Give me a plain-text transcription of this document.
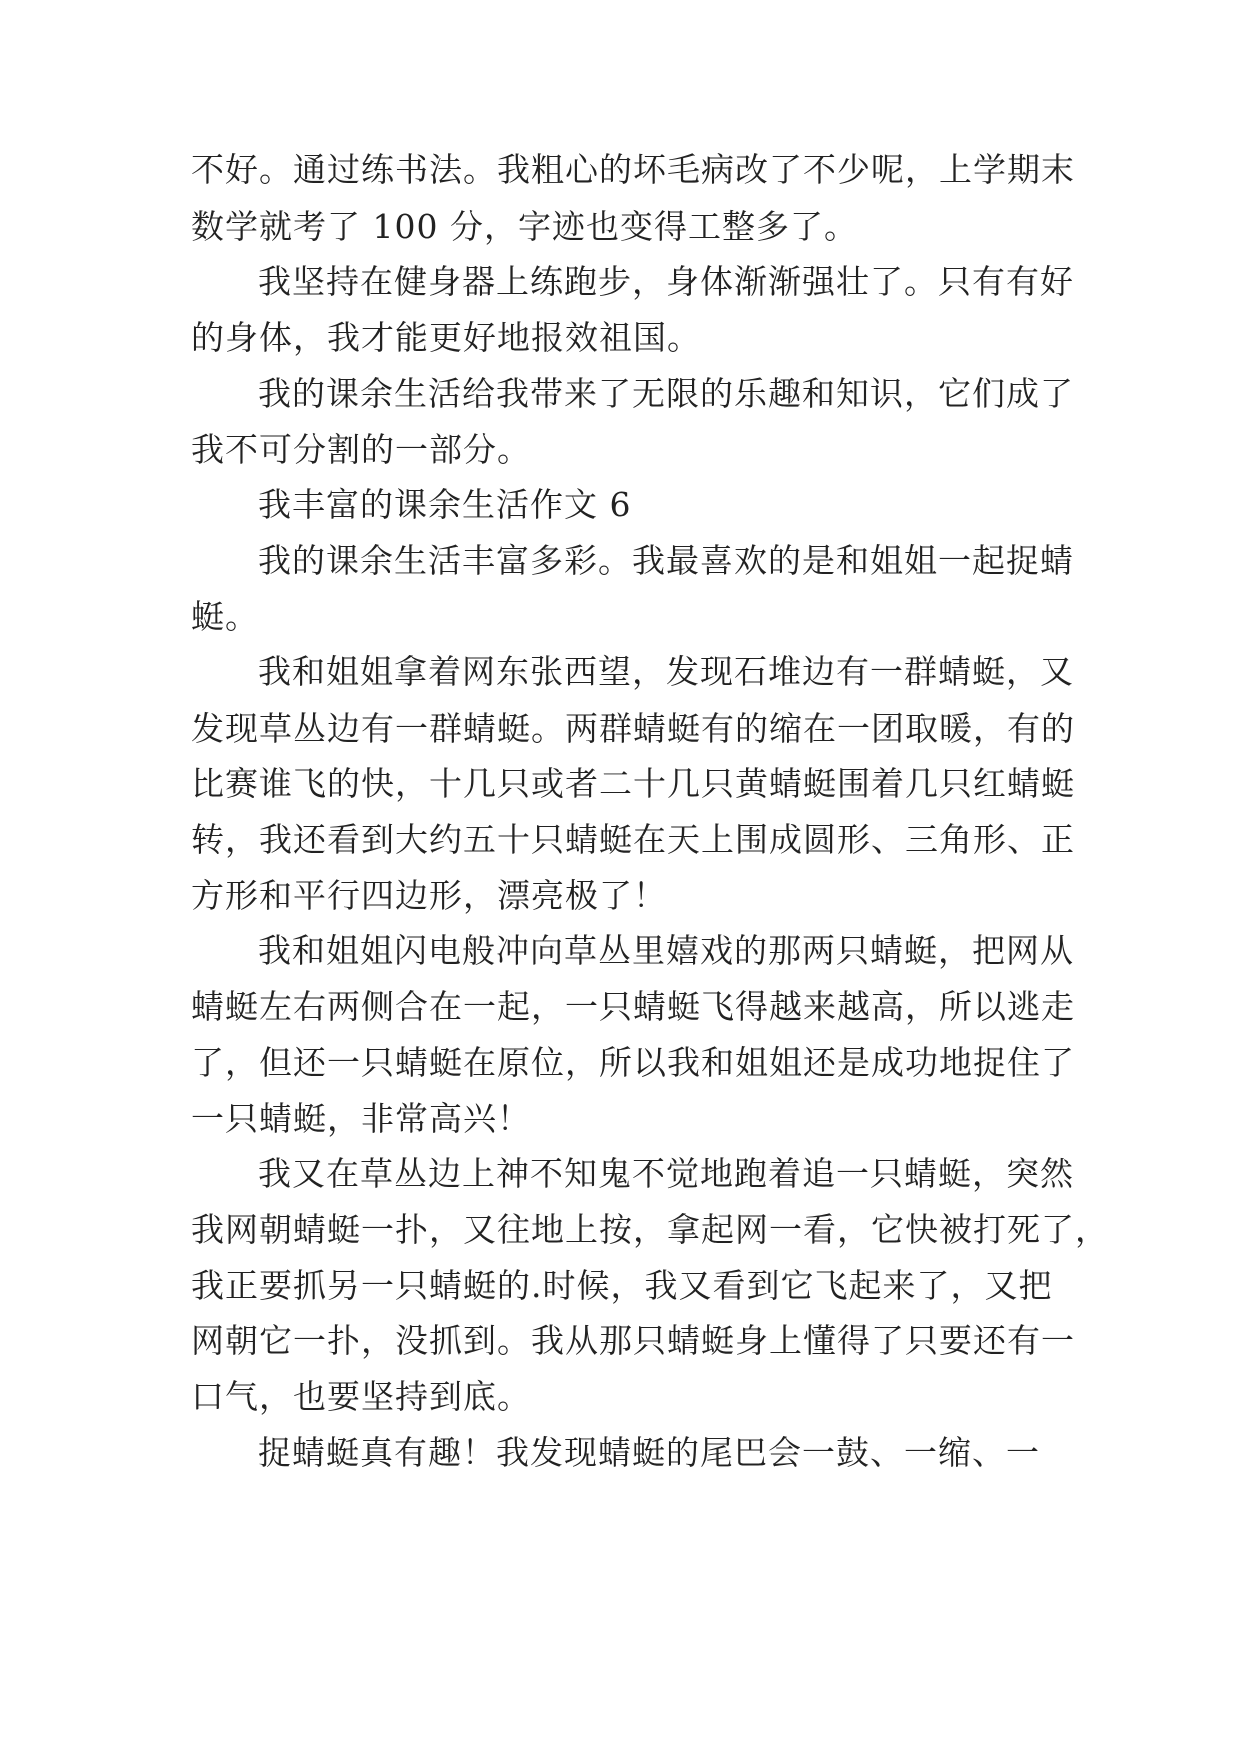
不好。通过练书法。我粗心的坏毛病改了不少呢，上学期末
数学就考了 100 分，字迹也变得工整多了。
我坚持在健身器上练跑步，身体渐渐强壮了。只有有好
的身体，我才能更好地报效祖国。
我的课余生活给我带来了无限的乐趣和知识，它们成了
我不可分割的一部分。
我丰富的课余生活作文 6
我的课余生活丰富多彩。我最喜欢的是和姐姐一起捉蜻
蜓。
我和姐姐拿着网东张西望，发现石堆边有一群蜻蜓，又
发现草丛边有一群蜻蜓。两群蜻蜓有的缩在一团取暖，有的
比赛谁飞的快，十几只或者二十几只黄蜻蜓围着几只红蜻蜓
转，我还看到大约五十只蜻蜓在天上围成圆形、三角形、正
方形和平行四边形，漂亮极了！
我和姐姐闪电般冲向草丛里嬉戏的那两只蜻蜓，把网从
蜻蜓左右两侧合在一起，一只蜻蜓飞得越来越高，所以逃走
了，但还一只蜻蜓在原位，所以我和姐姐还是成功地捉住了
一只蜻蜓，非常高兴！
我又在草丛边上神不知鬼不觉地跑着追一只蜻蜓，突然
我网朝蜻蜓一扑，又往地上按，拿起网一看，它快被打死了，
我正要抓另一只蜻蜓的.时候，我又看到它飞起来了，又把
网朝它一扑，没抓到。我从那只蜻蜓身上懂得了只要还有一
口气，也要坚持到底。
捉蜻蜓真有趣！我发现蜻蜓的尾巴会一鼓、一缩、一
